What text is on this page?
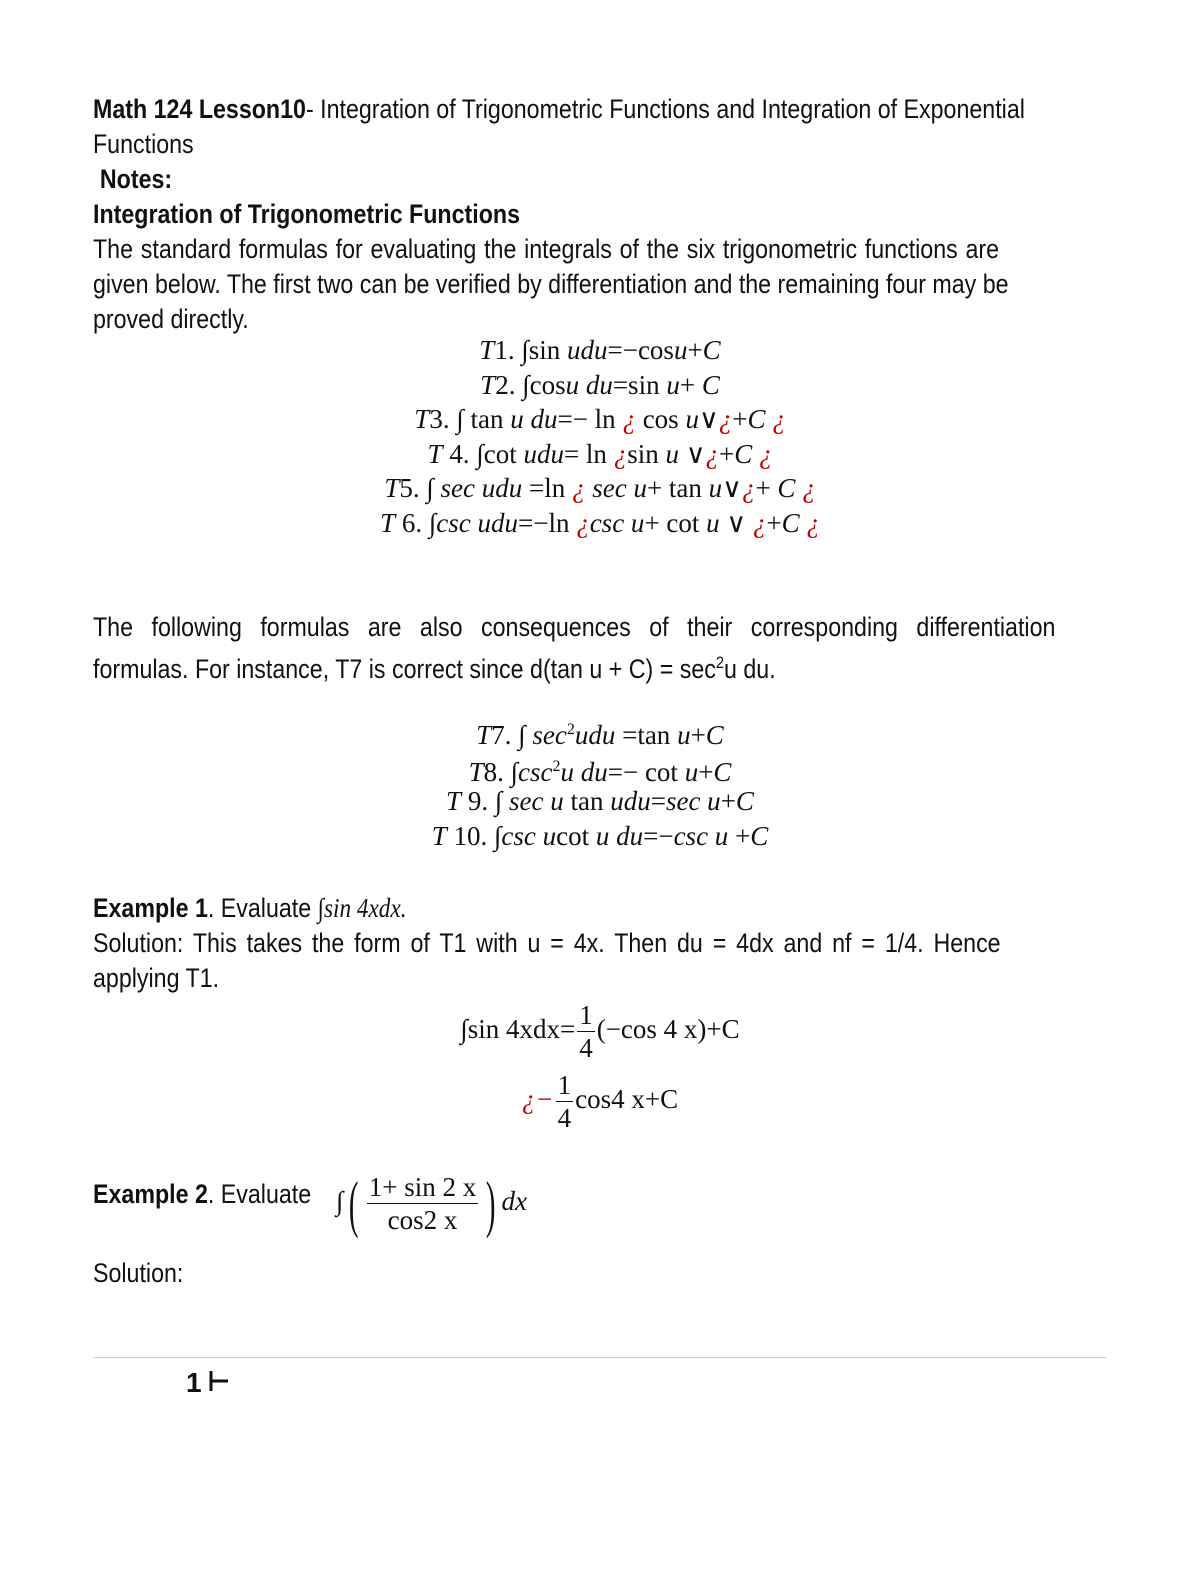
Math 124 Lesson10- Integration of Trigonometric Functions and Integration of Exponential

Functions

Notes:

Integration of Trigonometric Functions

The standard formulas for evaluating the integrals of the six trigonometric functions are

given below. The first two can be verified by differentiation and the remaining four may be

proved directly.

T1. ∫sin udu=−cosu+C
T2. ∫cosu du=sin u+ C
T3. ∫ tan u du=− ln ¿ cos u∨¿+C ¿
T 4. ∫cot udu= ln ¿sin u ∨¿+C ¿
T5. ∫ sec udu =ln ¿ sec u+ tan u∨¿+ C ¿
T 6. ∫csc udu=−ln ¿csc u+ cot u ∨ ¿+C ¿

The following formulas are also consequences of their corresponding differentiation

formulas. For instance, T7 is correct since d(tan $u + C) = \sec^2u$ du.

T7. ∫ $\sec^2udu =\tan$ u+C
T8. $\int\csc^2u$ du=− cot u+C
T 9. ∫ sec u tan udu=sec u+C
T 10. ∫csc ucot u du=−csc u +C

Example 1. Evaluate ∫sin 4xdx.

Solution: This takes the form of T1 with u = 4x. Then du = 4dx and nf = 1/4. Hence

applying T1.

∫sin $4xdx= \frac{1}{4} (-\cos$ 4 x)+C
¿− $\frac{1}{4} \cos 4$ x+C
Example 2. Evaluate ∫( $\frac{1+ \sin 2 x}{\cos 2 x}$ ) dx
Solution:
1
